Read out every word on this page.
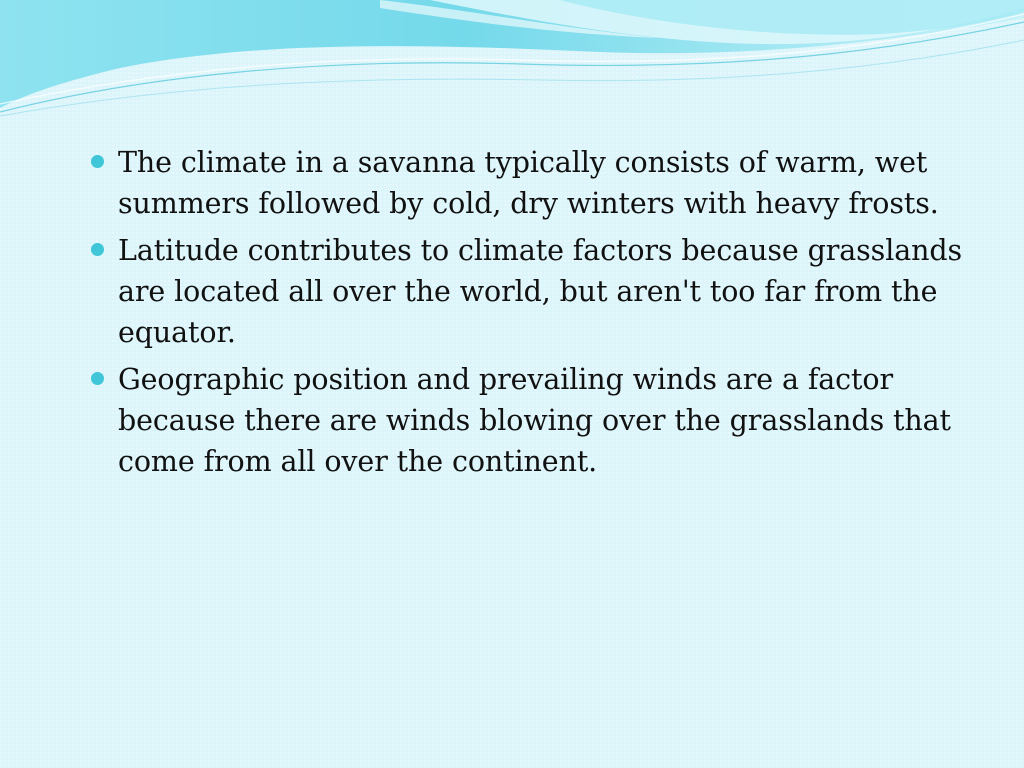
The climate in a savanna typically consists of warm, wet summers followed by cold, dry winters with heavy frosts.
Latitude contributes to climate factors because grasslands are located all over the world, but aren't too far from the equator.
Geographic position and prevailing winds are a factor because there are winds blowing over the grasslands that come from all over the continent.
